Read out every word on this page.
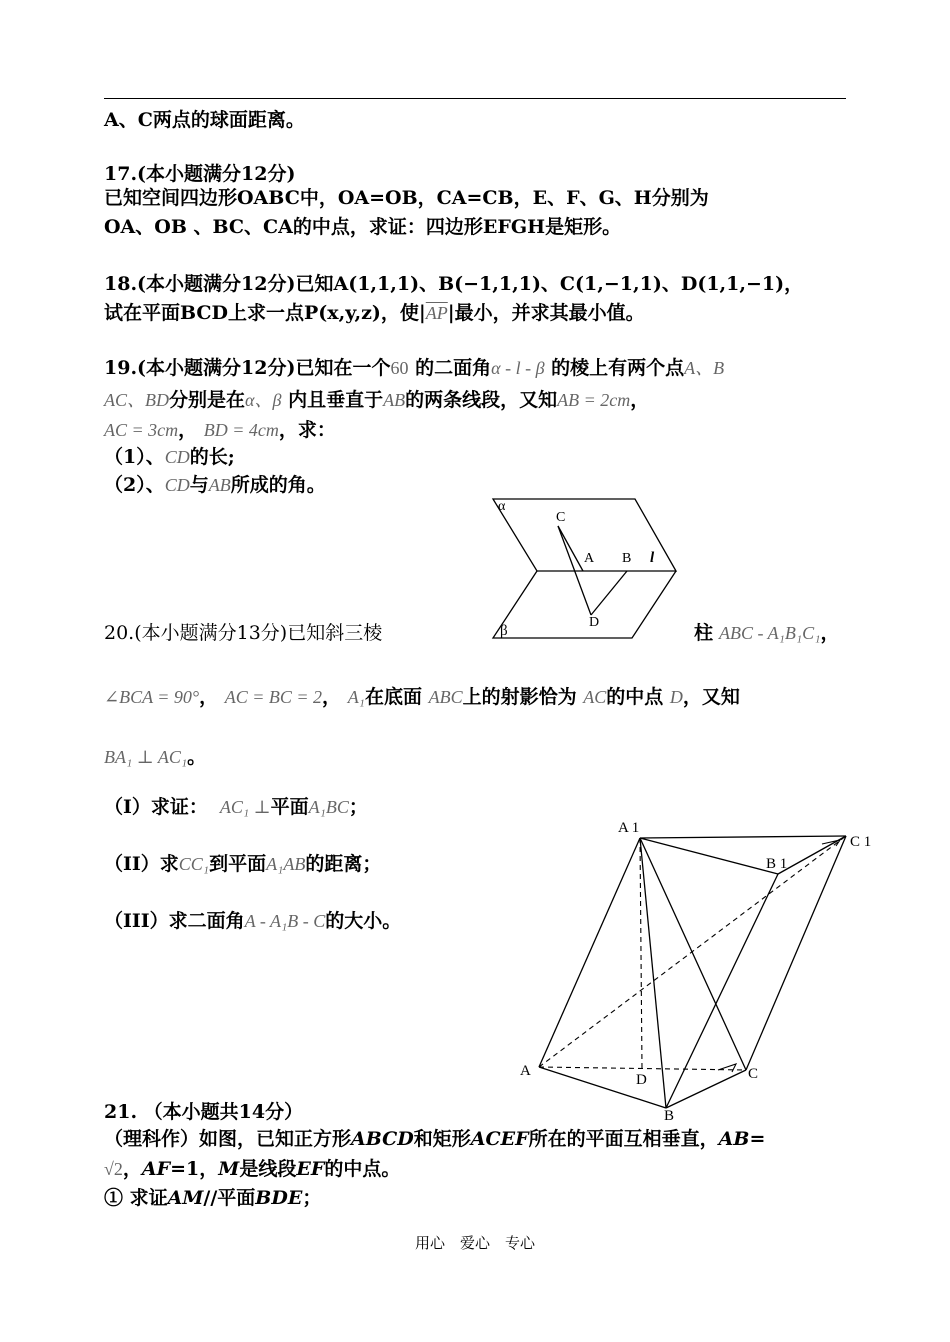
A、C两点的球面距离。
17.(本小题满分12分)
已知空间四边形OABC中，OA=OB，CA=CB，E、F、G、H分别为
OA、OB 、BC、CA的中点，求证：四边形EFGH是矩形。
18.(本小题满分12分)已知A(1,1,1)、B(−1,1,1)、C(1,−1,1)、D(1,1,−1)，
试在平面BCD上求一点P(x,y,z)，使$|\overline{AP}|$最小，并求其最小值。
19.(本小题满分12分)已知在一个60 的二面角α - l - β 的棱上有两个点A、B
AC、BD分别是在α、β 内且垂直于AB的两条线段，又知AB = 2cm，
AC = 3cm， BD = 4cm，求：
（1）、CD的长;
（2）、CD与AB所成的角。
α
C
A B l
D
β
20.(本小题满分13分)已知斜三棱	柱 ABC - A₁B₁C₁，
∠BCA = 90°， AC = BC = 2， A₁在底面 ABC上的射影恰为 AC的中点 D，又知
BA₁ ⊥ AC₁。
（I）求证： AC₁ ⊥平面A₁BC；
（II）求CC₁到平面A₁AB的距离；
（III）求二面角A - A₁B - C的大小。
A 1
B 1
C 1
A
D	C
B
21. （本小题共14分）
（理科作）如图，已知正方形ABCD和矩形ACEF所在的平面互相垂直，AB=
√2，AF=1，M是线段EF的中点。
① 求证AM//平面BDE；
用心　爱心　专心
